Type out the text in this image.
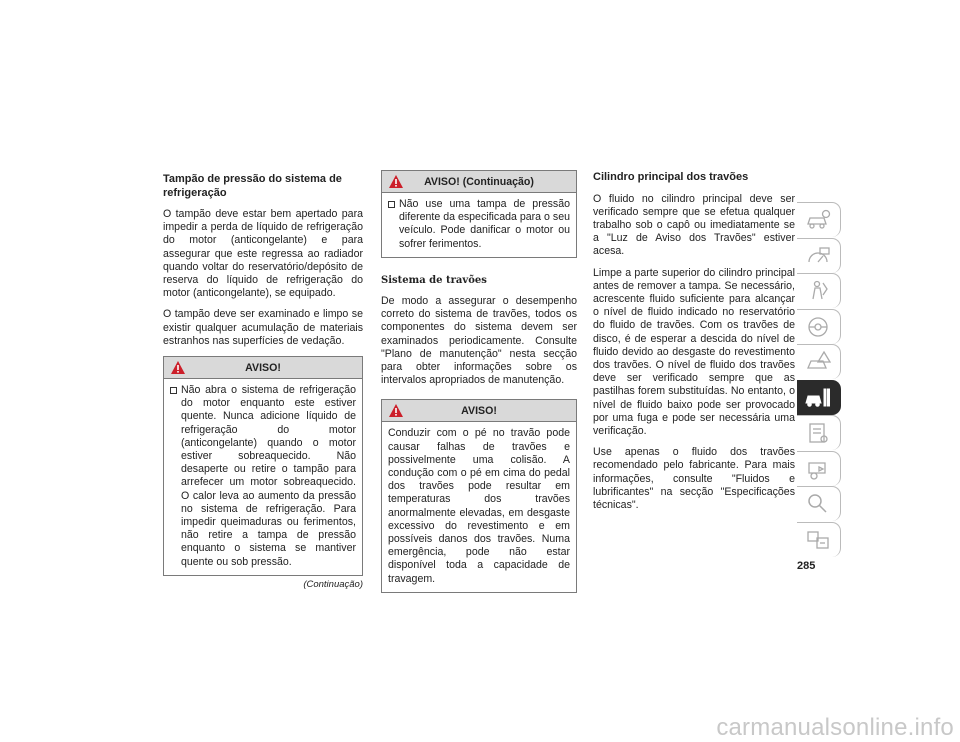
Tampão de pressão do sistema de refrigeração

O tampão deve estar bem apertado para impedir a perda de líquido de refrigeração do motor (anticongelante) e para assegurar que este regressa ao radiador quando voltar do reservatório/depósito de reserva do líquido de refrigeração do motor (anticongelante), se equipado.

O tampão deve ser examinado e limpo se existir qualquer acumulação de materiais estranhos nas superfícies de vedação.

AVISO!
Não abra o sistema de refrigeração do motor enquanto este estiver quente. Nunca adicione líquido de refrigeração do motor (anticongelante) quando o motor estiver sobreaquecido. Não desaperte ou retire o tampão para arrefecer um motor sobreaquecido. O calor leva ao aumento da pressão no sistema de refrigeração. Para impedir queimaduras ou ferimentos, não retire a tampa de pressão enquanto o sistema se mantiver quente ou sob pressão.
(Continuação)
AVISO! (Continuação)
Não use uma tampa de pressão diferente da especificada para o seu veículo. Pode danificar o motor ou sofrer ferimentos.
Sistema de travões

De modo a assegurar o desempenho correto do sistema de travões, todos os componentes do sistema devem ser examinados periodicamente. Consulte "Plano de manutenção" nesta secção para obter informações sobre os intervalos apropriados de manutenção.

AVISO!

Conduzir com o pé no travão pode causar falhas de travões e possivelmente uma colisão. A condução com o pé em cima do pedal dos travões pode resultar em temperaturas dos travões anormalmente elevadas, em desgaste excessivo do revestimento e em possíveis danos dos travões. Numa emergência, pode não estar disponível toda a capacidade de travagem.

Cilindro principal dos travões

O fluido no cilindro principal deve ser verificado sempre que se efetua qualquer trabalho sob o capô ou imediatamente se a "Luz de Aviso dos Travões" estiver acesa.

Limpe a parte superior do cilindro principal antes de remover a tampa. Se necessário, acrescente fluido suficiente para alcançar o nível de fluido indicado no reservatório do fluido de travões. Com os travões de disco, é de esperar a descida do nível de fluido devido ao desgaste do revestimento dos travões. O nível de fluido dos travões deve ser verificado sempre que as pastilhas forem substituídas. No entanto, o nível de fluido baixo pode ser provocado por uma fuga e pode ser necessária uma verificação.

Use apenas o fluido dos travões recomendado pelo fabricante. Para mais informações, consulte "Fluidos e lubrificantes" na secção "Especificações técnicas".

285
carmanualsonline.info
